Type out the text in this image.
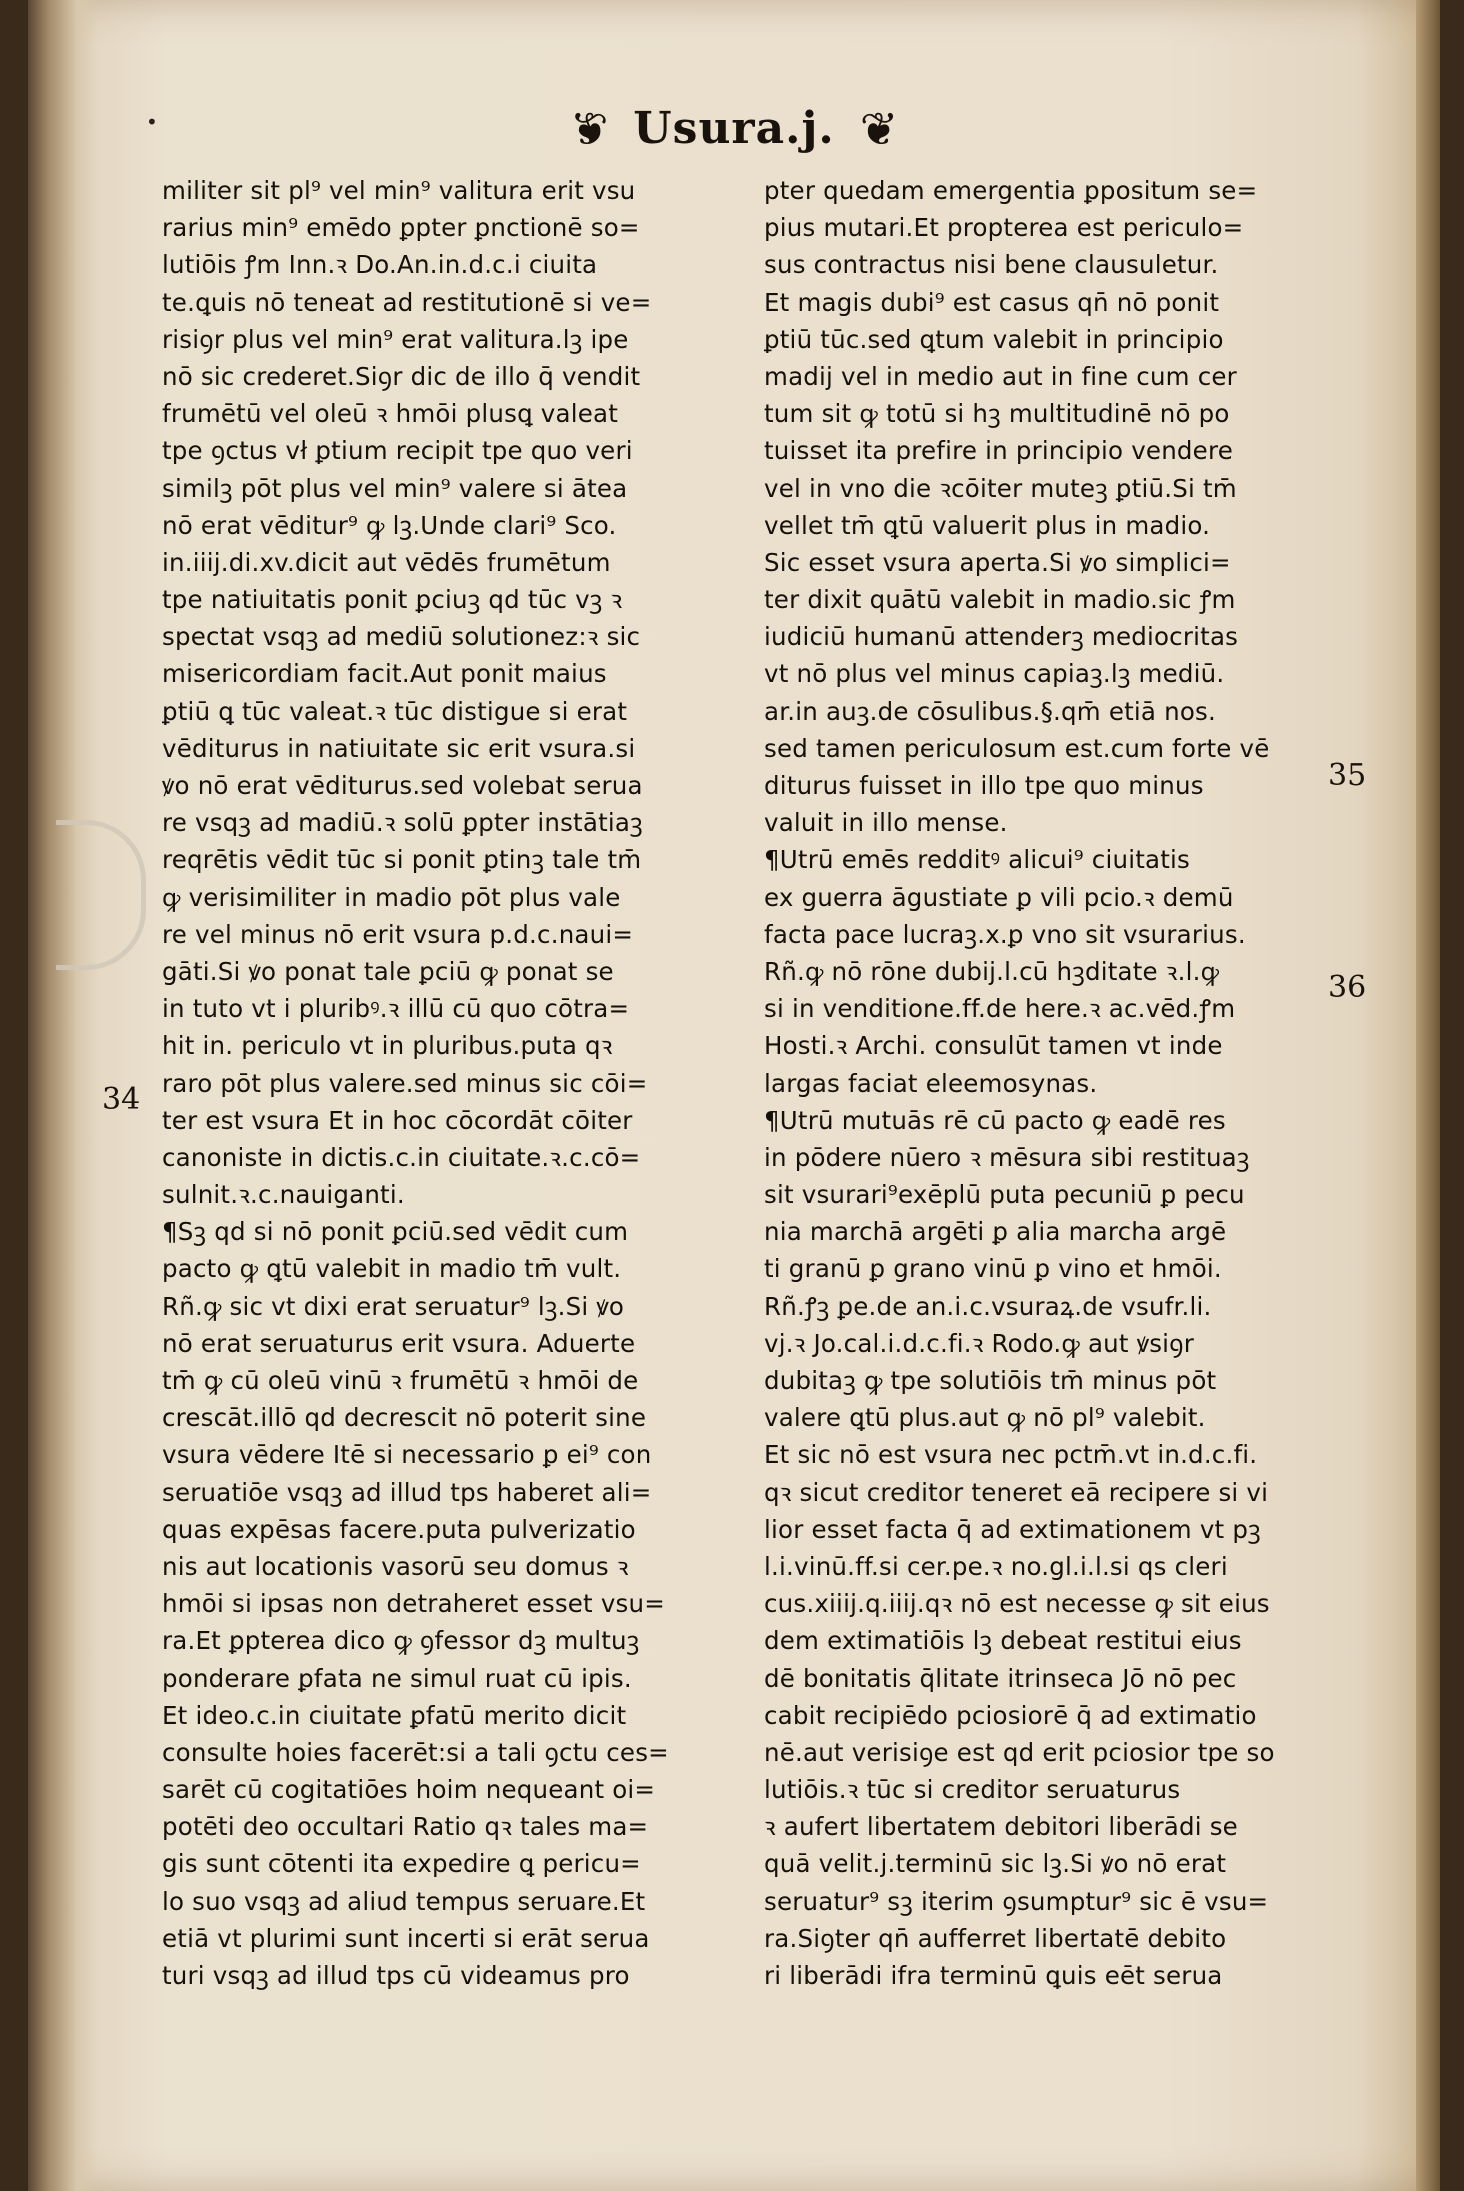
•	❦ Usura.j. ❦
militer sit pl⁹ vel min⁹ valitura erit vsu
rarius min⁹ emēdo ꝑpter ꝑnctionē so=
lutiōis ꝭm Inn.ꝛ Do.An.in.d.c.i ciuita
te.ꝗuis nō teneat ad restitutionē si ve=
risiꝯr plus vel min⁹ erat valitura.lꝫ ipe
nō sic crederet.Siꝯr dic de illo q̄ vendit
frumētū vel oleū ꝛ hmōi plusꝗ valeat
tpe ꝯctus vł ꝑtium recipit tpe quo veri
similꝫ pōt plus vel min⁹ valere si ātea
nō erat vēditur⁹ ꝙ lꝫ.Unde clari⁹ Sco.
in.iiij.di.xv.dicit aut vēdēs frumētum
tpe natiuitatis ponit ꝑciuꝫ qd tūc vꝫ ꝛ
spectat vsqꝫ ad mediū solutionez:ꝛ sic
misericordiam facit.Aut ponit maius
ꝑtiū ꝗ tūc valeat.ꝛ tūc distigue si erat
vēditurus in natiuitate sic erit vsura.si
ꝟo nō erat vēditurus.sed volebat serua
re vsqꝫ ad madiū.ꝛ solū ꝑpter instātiaꝫ
reqrētis vēdit tūc si ponit ꝑtinꝫ tale tm̄
ꝙ verisimiliter in madio pōt plus vale
re vel minus nō erit vsura p.d.c.naui=
gāti.Si ꝟo ponat tale ꝑciū ꝙ ponat se
in tuto vt i pluribꝰ.ꝛ illū cū quo cōtra=
hit in. periculo vt in pluribus.puta qꝛ
raro pōt plus valere.sed minus sic cōi=
ter est vsura Et in hoc cōcordāt cōiter
canoniste in dictis.c.in ciuitate.ꝛ.c.cō=
sulnit.ꝛ.c.nauiganti.
¶Sꝫ qd si nō ponit ꝑciū.sed vēdit cum
pacto ꝙ ꝗtū valebit in madio tm̄ vult.
Rñ.ꝙ sic vt dixi erat seruatur⁹ lꝫ.Si ꝟo
nō erat seruaturus erit vsura. Aduerte
tm̄ ꝙ cū oleū vinū ꝛ frumētū ꝛ hmōi de
crescāt.illō qd decrescit nō poterit sine
vsura vēdere Itē si necessario ꝑ ei⁹ con
seruatiōe vsqꝫ ad illud tps haberet ali=
quas expēsas facere.puta pulverizatio
nis aut locationis vasorū seu domus ꝛ
hmōi si ipsas non detraheret esset vsu=
ra.Et ꝑpterea dico ꝙ ꝯfessor dꝫ multuꝫ
ponderare ꝑfata ne simul ruat cū ipis.
Et ideo.c.in ciuitate ꝑfatū merito dicit
consulte hoies facerēt:si a tali ꝯctu ces=
sarēt cū cogitatiōes hoim nequeant oi=
potēti deo occultari Ratio qꝛ tales ma=
gis sunt cōtenti ita expedire ꝗ pericu=
lo suo vsqꝫ ad aliud tempus seruare.Et
etiā vt plurimi sunt incerti si erāt serua
turi vsqꝫ ad illud tps cū videamus pro
pter quedam emergentia ꝑpositum se=
pius mutari.Et propterea est periculo=
sus contractus nisi bene clausuletur.
Et magis dubi⁹ est casus qn̄ nō ponit
ꝑtiū tūc.sed ꝗtum valebit in principio
madij vel in medio aut in fine cum cer
tum sit ꝙ totū si hꝫ multitudinē nō po
tuisset ita prefire in principio vendere
vel in vno die ꝛcōiter muteꝫ ꝑtiū.Si tm̄
vellet tm̄ ꝗtū valuerit plus in madio.
Sic esset vsura aperta.Si ꝟo simplici=
ter dixit quātū valebit in madio.sic ꝭm
iudiciū humanū attenderꝫ mediocritas
vt nō plus vel minus capiaꝫ.lꝫ mediū.
ar.in auꝫ.de cōsulibus.§.qm̄ etiā nos.
sed tamen periculosum est.cum forte vē
diturus fuisset in illo tpe quo minus
valuit in illo mense.
¶Utrū emēs redditꝰ alicui⁹ ciuitatis
ex guerra āgustiate ꝑ vili pcio.ꝛ demū
facta pace lucraꝫ.x.ꝑ vno sit vsurarius.
Rñ.ꝙ nō rōne dubij.l.cū hꝫditate ꝛ.l.ꝙ
si in venditione.ff.de here.ꝛ ac.vēd.ꝭm
Hosti.ꝛ Archi. consulūt tamen vt inde
largas faciat eleemosynas.
¶Utrū mutuās rē cū pacto ꝙ eadē res
in pōdere nūero ꝛ mēsura sibi restituaꝫ
sit vsurari⁹exēplū puta pecuniū ꝑ pecu
nia marchā argēti ꝑ alia marcha argē
ti granū ꝑ grano vinū ꝑ vino et hmōi.
Rñ.ꝭꝫ ꝑe.de an.i.c.vsuraꝝ.de vsufr.li.
vj.ꝛ Jo.cal.i.d.c.fi.ꝛ Rodo.ꝙ aut ꝟsiꝯr
dubitaꝫ ꝙ tpe solutiōis tm̄ minus pōt
valere ꝗtū plus.aut ꝙ nō pl⁹ valebit.
Et sic nō est vsura nec pctm̄.vt in.d.c.fi.
qꝛ sicut creditor teneret eā recipere si vi
lior esset facta q̄ ad extimationem vt pꝫ
l.i.vinū.ff.si cer.pe.ꝛ no.gl.i.l.si qs cleri
cus.xiiij.q.iiij.qꝛ nō est necesse ꝙ sit eius
dem extimatiōis lꝫ debeat restitui eius
dē bonitatis q̄litate itrinseca Jō nō pec
cabit recipiēdo pciosiorē q̄ ad extimatio
nē.aut verisiꝯe est qd erit pciosior tpe so
lutiōis.ꝛ tūc si creditor seruaturus
ꝛ aufert libertatem debitori liberādi se
quā velit.j.terminū sic lꝫ.Si ꝟo nō erat
seruatur⁹ sꝫ iterim ꝯsumptur⁹ sic ē vsu=
ra.Siꝯter qn̄ aufferret libertatē debito
ri liberādi ifra terminū ꝗuis eēt serua
34
35
36
